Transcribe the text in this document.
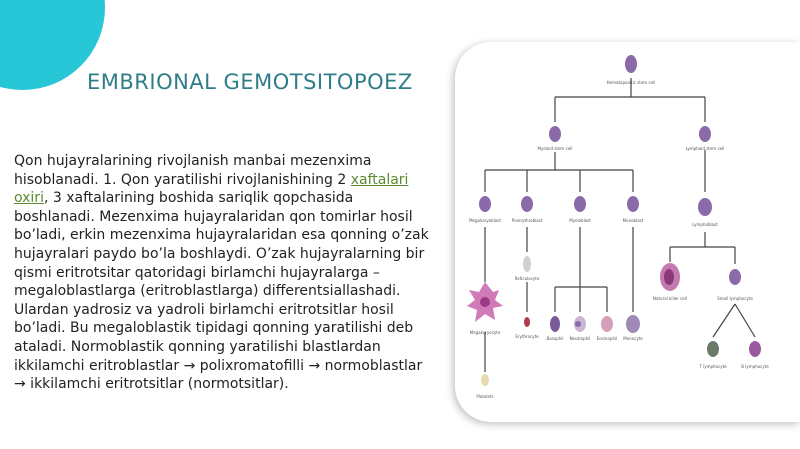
EMBRIONAL GEMOTSITOPOEZ
Qon hujayralarining rivojlanish manbai mezenxima hisoblanadi. 1. Qon yaratilishi rivojlanishining 2 xaftalari oxiri, 3 xaftalarining boshida sariqlik qopchasida boshlanadi. Mezenxima hujayralaridan qon tomirlar hosil bo’ladi, erkin mezenxima hujayralaridan esa qonning o’zak hujayralari paydo bo’la boshlaydi. O’zak hujayralarning bir qismi eritrotsitar qatoridagi birlamchi hujayralarga – megaloblastlarga (eritroblastlarga) differentsiallashadi. Ulardan yadrosiz va yadroli birlamchi eritrotsitlar hosil bo’ladi. Bu megaloblastik tipidagi qonning yaratilishi deb ataladi. Normoblastik qonning yaratilishi blastlardan ikkilamchi eritroblastlar → polixromatofilli → normoblastlar → ikkilamchi eritrotsitlar (normotsitlar).
Hematopoietic stem cell
Myeloid stem cell	Lymphoid stem cell
Megakaryoblast	Proerythroblast	Myeloblast	Monoblast
Lymphoblast
Reticulocyte
Megakaryocyte
Platelets
Erythrocyte Basophil Neutrophil Eosinophil Monocyte
Natural killer cell	Small lymphocyte
T lymphocyte	B lymphocyte
